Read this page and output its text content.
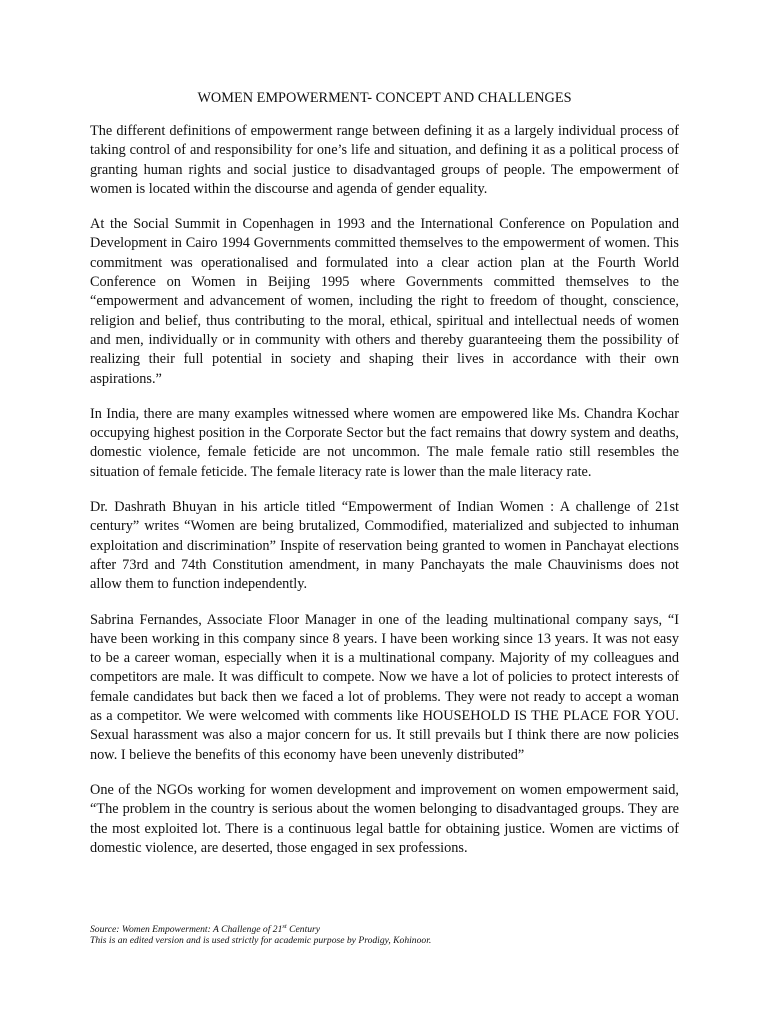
WOMEN EMPOWERMENT- CONCEPT AND CHALLENGES

The different definitions of empowerment range between defining it as a largely individual process of taking control of and responsibility for one’s life and situation, and defining it as a political process of granting human rights and social justice to disadvantaged groups of people. The empowerment of women is located within the discourse and agenda of gender equality.

At the Social Summit in Copenhagen in 1993 and the International Conference on Population and Development in Cairo 1994 Governments committed themselves to the empowerment of women. This commitment was operationalised and formulated into a clear action plan at the Fourth World Conference on Women in Beijing 1995 where Governments committed themselves to the “empowerment and advancement of women, including the right to freedom of thought, conscience, religion and belief, thus contributing to the moral, ethical, spiritual and intellectual needs of women and men, individually or in community with others and thereby guaranteeing them the possibility of realizing their full potential in society and shaping their lives in accordance with their own aspirations.”

In India, there are many examples witnessed where women are empowered like Ms. Chandra Kochar occupying highest position in the Corporate Sector but the fact remains that dowry system and deaths, domestic violence, female feticide are not uncommon. The male female ratio still resembles the situation of female feticide. The female literacy rate is lower than the male literacy rate.

Dr. Dashrath Bhuyan in his article titled “Empowerment of Indian Women : A challenge of 21st century” writes “Women are being brutalized, Commodified, materialized and subjected to inhuman exploitation and discrimination” Inspite of reservation being granted to women in Panchayat elections after 73rd and 74th Constitution amendment, in many Panchayats the male Chauvinisms does not allow them to function independently.

Sabrina Fernandes, Associate Floor Manager in one of the leading multinational company says, “I have been working in this company since 8 years. I have been working since 13 years. It was not easy to be a career woman, especially when it is a multinational company. Majority of my colleagues and competitors are male. It was difficult to compete. Now we have a lot of policies to protect interests of female candidates but back then we faced a lot of problems. They were not ready to accept a woman as a competitor. We were welcomed with comments like HOUSEHOLD IS THE PLACE FOR YOU. Sexual harassment was also a major concern for us. It still prevails but I think there are now policies now. I believe the benefits of this economy have been unevenly distributed”

One of the NGOs working for women development and improvement on women empowerment said, “The problem in the country is serious about the women belonging to disadvantaged groups. They are the most exploited lot. There is a continuous legal battle for obtaining justice. Women are victims of domestic violence, are deserted, those engaged in sex professions.

Source: Women Empowerment: A Challenge of 21st Century
This is an edited version and is used strictly for academic purpose by Prodigy, Kohinoor.
